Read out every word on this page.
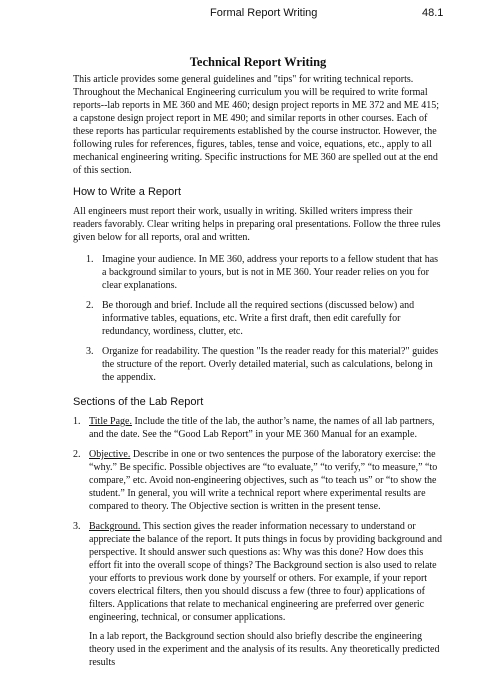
Formal Report Writing	48.1
Technical Report Writing

This article provides some general guidelines and "tips" for writing technical reports. Throughout the Mechanical Engineering curriculum you will be required to write formal reports--lab reports in ME 360 and ME 460; design project reports in ME 372 and ME 415; a capstone design project report in ME 490; and similar reports in other courses. Each of these reports has particular requirements established by the course instructor. However, the following rules for references, figures, tables, tense and voice, equations, etc., apply to all mechanical engineering writing. Specific instructions for ME 360 are spelled out at the end of this section.

How to Write a Report

All engineers must report their work, usually in writing. Skilled writers impress their readers favorably. Clear writing helps in preparing oral presentations. Follow the three rules given below for all reports, oral and written.

1. Imagine your audience. In ME 360, address your reports to a fellow student that has a background similar to yours, but is not in ME 360. Your reader relies on you for clear explanations.
2. Be thorough and brief. Include all the required sections (discussed below) and informative tables, equations, etc. Write a first draft, then edit carefully for redundancy, wordiness, clutter, etc.
3. Organize for readability. The question "Is the reader ready for this material?" guides the structure of the report. Overly detailed material, such as calculations, belong in the appendix.
Sections of the Lab Report
1. Title Page. Include the title of the lab, the author’s name, the names of all lab partners, and the date. See the “Good Lab Report” in your ME 360 Manual for an example.
2. Objective. Describe in one or two sentences the purpose of the laboratory exercise: the “why.” Be specific. Possible objectives are “to evaluate,” “to verify,” “to measure,” “to compare,” etc. Avoid non-engineering objectives, such as “to teach us” or “to show the student.” In general, you will write a technical report where experimental results are compared to theory. The Objective section is written in the present tense.
3. Background. This section gives the reader information necessary to understand or appreciate the balance of the report. It puts things in focus by providing background and perspective. It should answer such questions as: Why was this done? How does this effort fit into the overall scope of things? The Background section is also used to relate your efforts to previous work done by yourself or others. For example, if your report covers electrical filters, then you should discuss a few (three to four) applications of filters. Applications that relate to mechanical engineering are preferred over generic engineering, technical, or consumer applications.

In a lab report, the Background section should also briefly describe the engineering theory used in the experiment and the analysis of its results. Any theoretically predicted results
